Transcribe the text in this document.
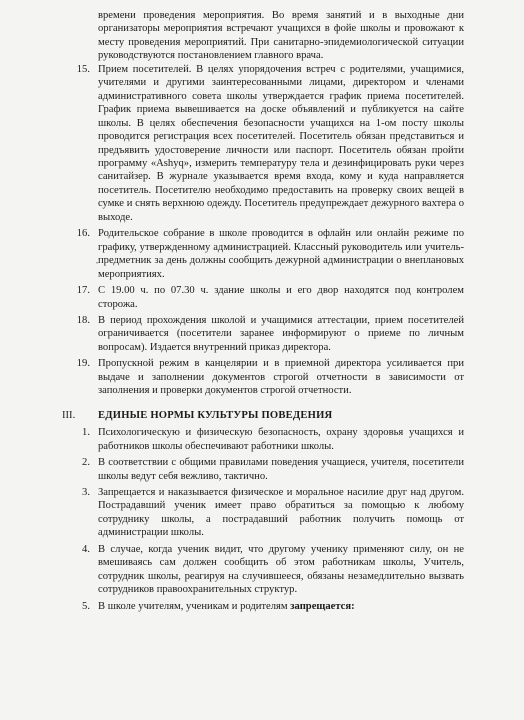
времени проведения мероприятия. Во время занятий и в выходные дни организаторы мероприятия встречают учащихся в фойе школы и провожают к месту проведения мероприятий. При санитарно-эпидемиологической ситуации руководствуются постановлением главного врача.
15. Прием посетителей. В целях упорядочения встреч с родителями, учащимися, учителями и другими заинтересованными лицами, директором и членами административного совета школы утверждается график приема посетителей. График приема вывешивается на доске объявлений и публикуется на сайте школы. В целях обеспечения безопасности учащихся на 1-ом посту школы проводится регистрация всех посетителей. Посетитель обязан представиться и предъявить удостоверение личности или паспорт. Посетитель обязан пройти программу «Ashyq», измерить температуру тела и дезинфицировать руки через санитайзер. В журнале указывается время входа, кому и куда направляется посетитель. Посетителю необходимо предоставить на проверку своих вещей в сумке и снять верхнюю одежду. Посетитель предупреждает дежурного вахтера о выходе.
16. Родительское собрание в школе проводится в офлайн или онлайн режиме по графику, утвержденному администрацией. Классный руководитель или учитель-предметник за день должны сообщить дежурной администрации о внеплановых мероприятиях.
17. С 19.00 ч. по 07.30 ч. здание школы и его двор находятся под контролем сторожа.
18. В период прохождения школой и учащимися аттестации, прием посетителей ограничивается (посетители заранее информируют о приеме по личным вопросам). Издается внутренний приказ директора.
19. Пропускной режим в канцелярии и в приемной директора усиливается при выдаче и заполнении документов строгой отчетности в зависимости от заполнения и проверки документов строгой отчетности.
III.	ЕДИНЫЕ НОРМЫ КУЛЬТУРЫ ПОВЕДЕНИЯ
1. Психологическую и физическую безопасность, охрану здоровья учащихся и работников школы обеспечивают работники школы.
2. В соответствии с общими правилами поведения учащиеся, учителя, посетители школы ведут себя вежливо, тактично.
3. Запрещается и наказывается физическое и моральное насилие друг над другом. Пострадавший ученик имеет право обратиться за помощью к любому сотруднику школы, а пострадавший работник получить помощь от администрации школы.
4. В случае, когда ученик видит, что другому ученику применяют силу, он не вмешиваясь сам должен сообщить об этом работникам школы, Учитель, сотрудник школы, реагируя на случившееся, обязаны незамедлительно вызвать сотрудников правоохранительных структур.
5. В школе учителям, ученикам и родителям запрещается:
•
